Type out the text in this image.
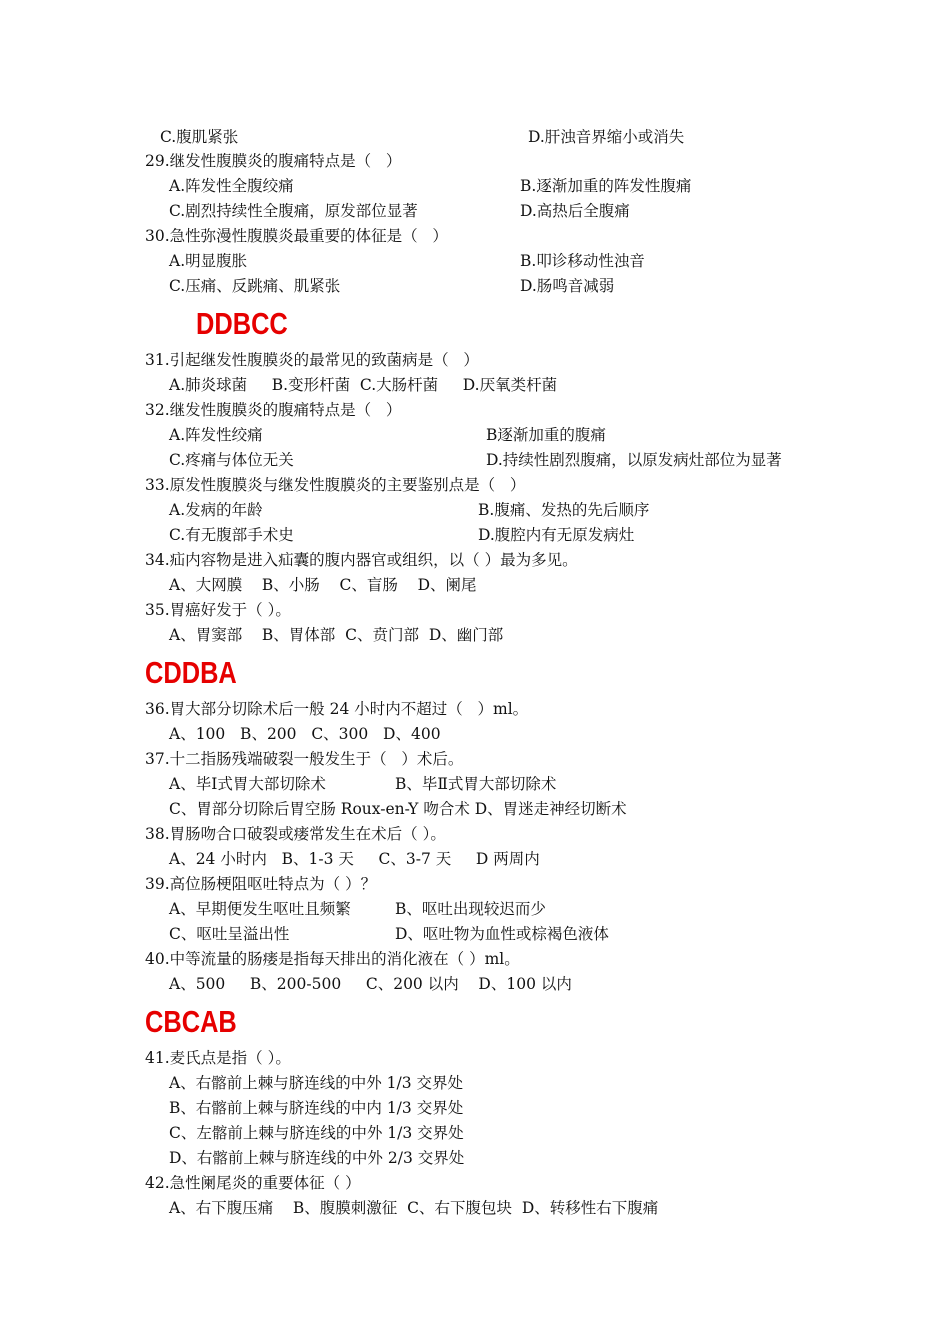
C.腹肌紧张	D.肝浊音界缩小或消失
29.继发性腹膜炎的腹痛特点是（   ）
A.阵发性全腹绞痛	B.逐渐加重的阵发性腹痛
C.剧烈持续性全腹痛，原发部位显著	D.高热后全腹痛
30.急性弥漫性腹膜炎最重要的体征是（   ）
A.明显腹胀	B.叩诊移动性浊音
C.压痛、反跳痛、肌紧张	D.肠鸣音减弱
DDBCC
31.引起继发性腹膜炎的最常见的致菌病是（   ）
A.肺炎球菌     B.变形杆菌  C.大肠杆菌     D.厌氧类杆菌
32.继发性腹膜炎的腹痛特点是（   ）
A.阵发性绞痛	B逐渐加重的腹痛
C.疼痛与体位无关	D.持续性剧烈腹痛，以原发病灶部位为显著
33.原发性腹膜炎与继发性腹膜炎的主要鉴别点是（   ）
A.发病的年龄	B.腹痛、发热的先后顺序
C.有无腹部手术史	D.腹腔内有无原发病灶
34.疝内容物是进入疝囊的腹内器官或组织，以（ ）最为多见。
A、大网膜    B、小肠    C、盲肠    D、阑尾
35.胃癌好发于（ ）。
A、胃窦部    B、胃体部  C、贲门部  D、幽门部
CDDBA
36.胃大部分切除术后一般 24 小时内不超过（   ）ml。
A、100   B、200   C、300   D、400
37.十二指肠残端破裂一般发生于（   ）术后。
A、毕Ⅰ式胃大部切除术	B、毕Ⅱ式胃大部切除术
C、胃部分切除后胃空肠 Roux-en-Y 吻合术 D、胃迷走神经切断术
38.胃肠吻合口破裂或瘘常发生在术后（ ）。
A、24 小时内   B、1-3 天     C、3-7 天     D 两周内
39.高位肠梗阻呕吐特点为（ ）？
A、早期便发生呕吐且频繁	B、呕吐出现较迟而少
C、呕吐呈溢出性	D、呕吐物为血性或棕褐色液体
40.中等流量的肠瘘是指每天排出的消化液在（ ）ml。
A、500     B、200-500     C、200 以内    D、100 以内
CBCAB
41.麦氏点是指（ ）。
A、右髂前上棘与脐连线的中外 1/3 交界处
B、右髂前上棘与脐连线的中内 1/3 交界处
C、左髂前上棘与脐连线的中外 1/3 交界处
D、右髂前上棘与脐连线的中外 2/3 交界处
42.急性阑尾炎的重要体征（ ）
A、右下腹压痛    B、腹膜刺激征  C、右下腹包块  D、转移性右下腹痛
